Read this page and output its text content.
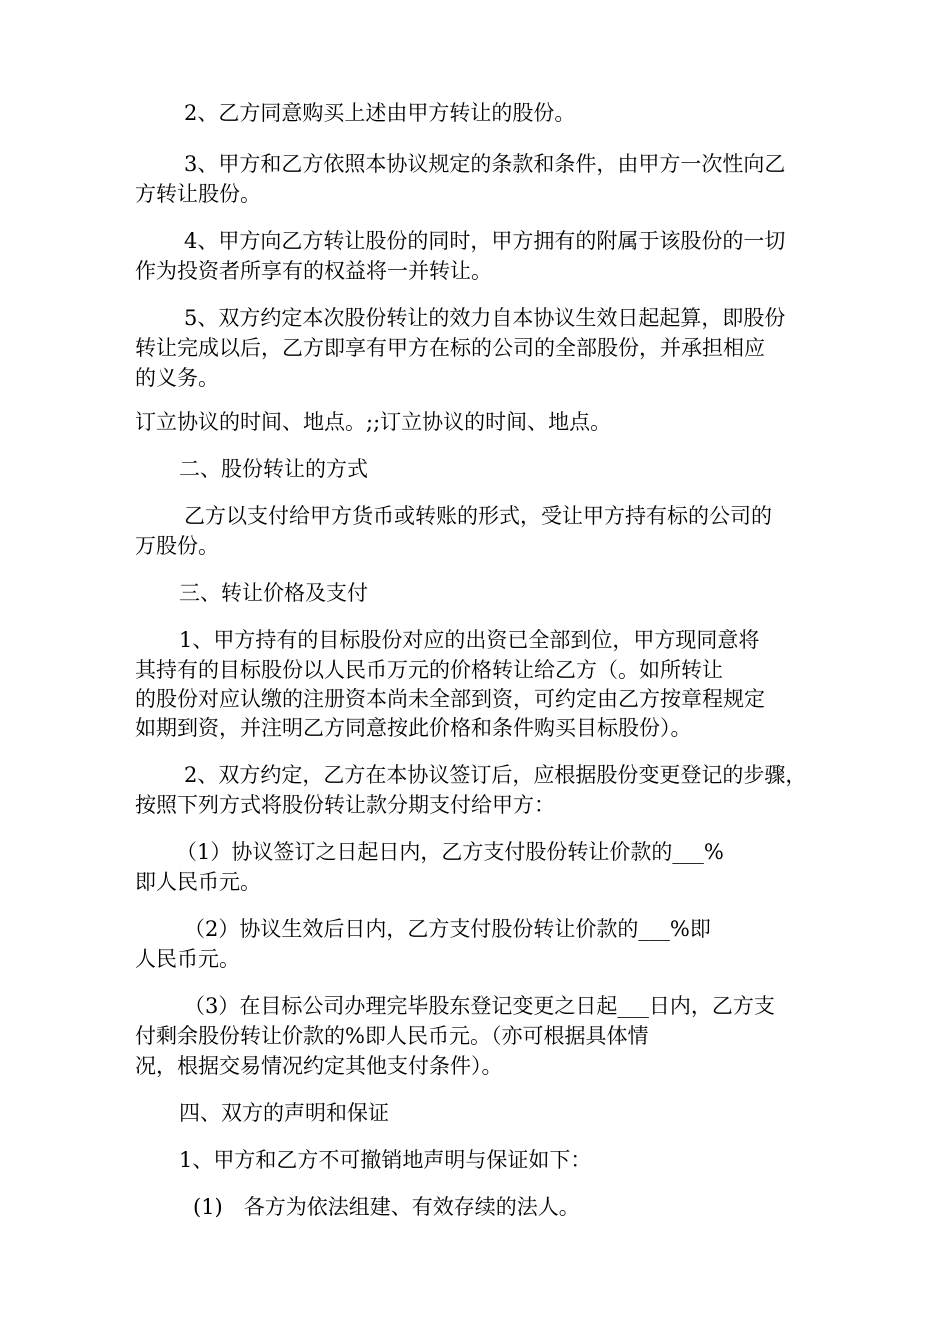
2、乙方同意购买上述由甲方转让的股份。

3、甲方和乙方依照本协议规定的条款和条件，由甲方一次性向乙

方转让股份。

4、甲方向乙方转让股份的同时，甲方拥有的附属于该股份的一切

作为投资者所享有的权益将一并转让。

5、双方约定本次股份转让的效力自本协议生效日起起算，即股份

转让完成以后，乙方即享有甲方在标的公司的全部股份，并承担相应

的义务。

订立协议的时间、地点。;;订立协议的时间、地点。

二、股份转让的方式

乙方以支付给甲方货币或转账的形式，受让甲方持有标的公司的

万股份。

三、转让价格及支付

1、甲方持有的目标股份对应的出资已全部到位，甲方现同意将

其持有的目标股份以人民币万元的价格转让给乙方（。如所转让

的股份对应认缴的注册资本尚未全部到资，可约定由乙方按章程规定

如期到资，并注明乙方同意按此价格和条件购买目标股份）。

2、双方约定，乙方在本协议签订后，应根据股份变更登记的步骤，

按照下列方式将股份转让款分期支付给甲方：

（1）协议签订之日起日内，乙方支付股份转让价款的___%

即人民币元。

（2）协议生效后日内，乙方支付股份转让价款的___%即

人民币元。

（3）在目标公司办理完毕股东登记变更之日起___日内，乙方支

付剩余股份转让价款的%即人民币元。（亦可根据具体情

况，根据交易情况约定其他支付条件）。

四、双方的声明和保证

1、甲方和乙方不可撤销地声明与保证如下：

(1)　各方为依法组建、有效存续的法人。
